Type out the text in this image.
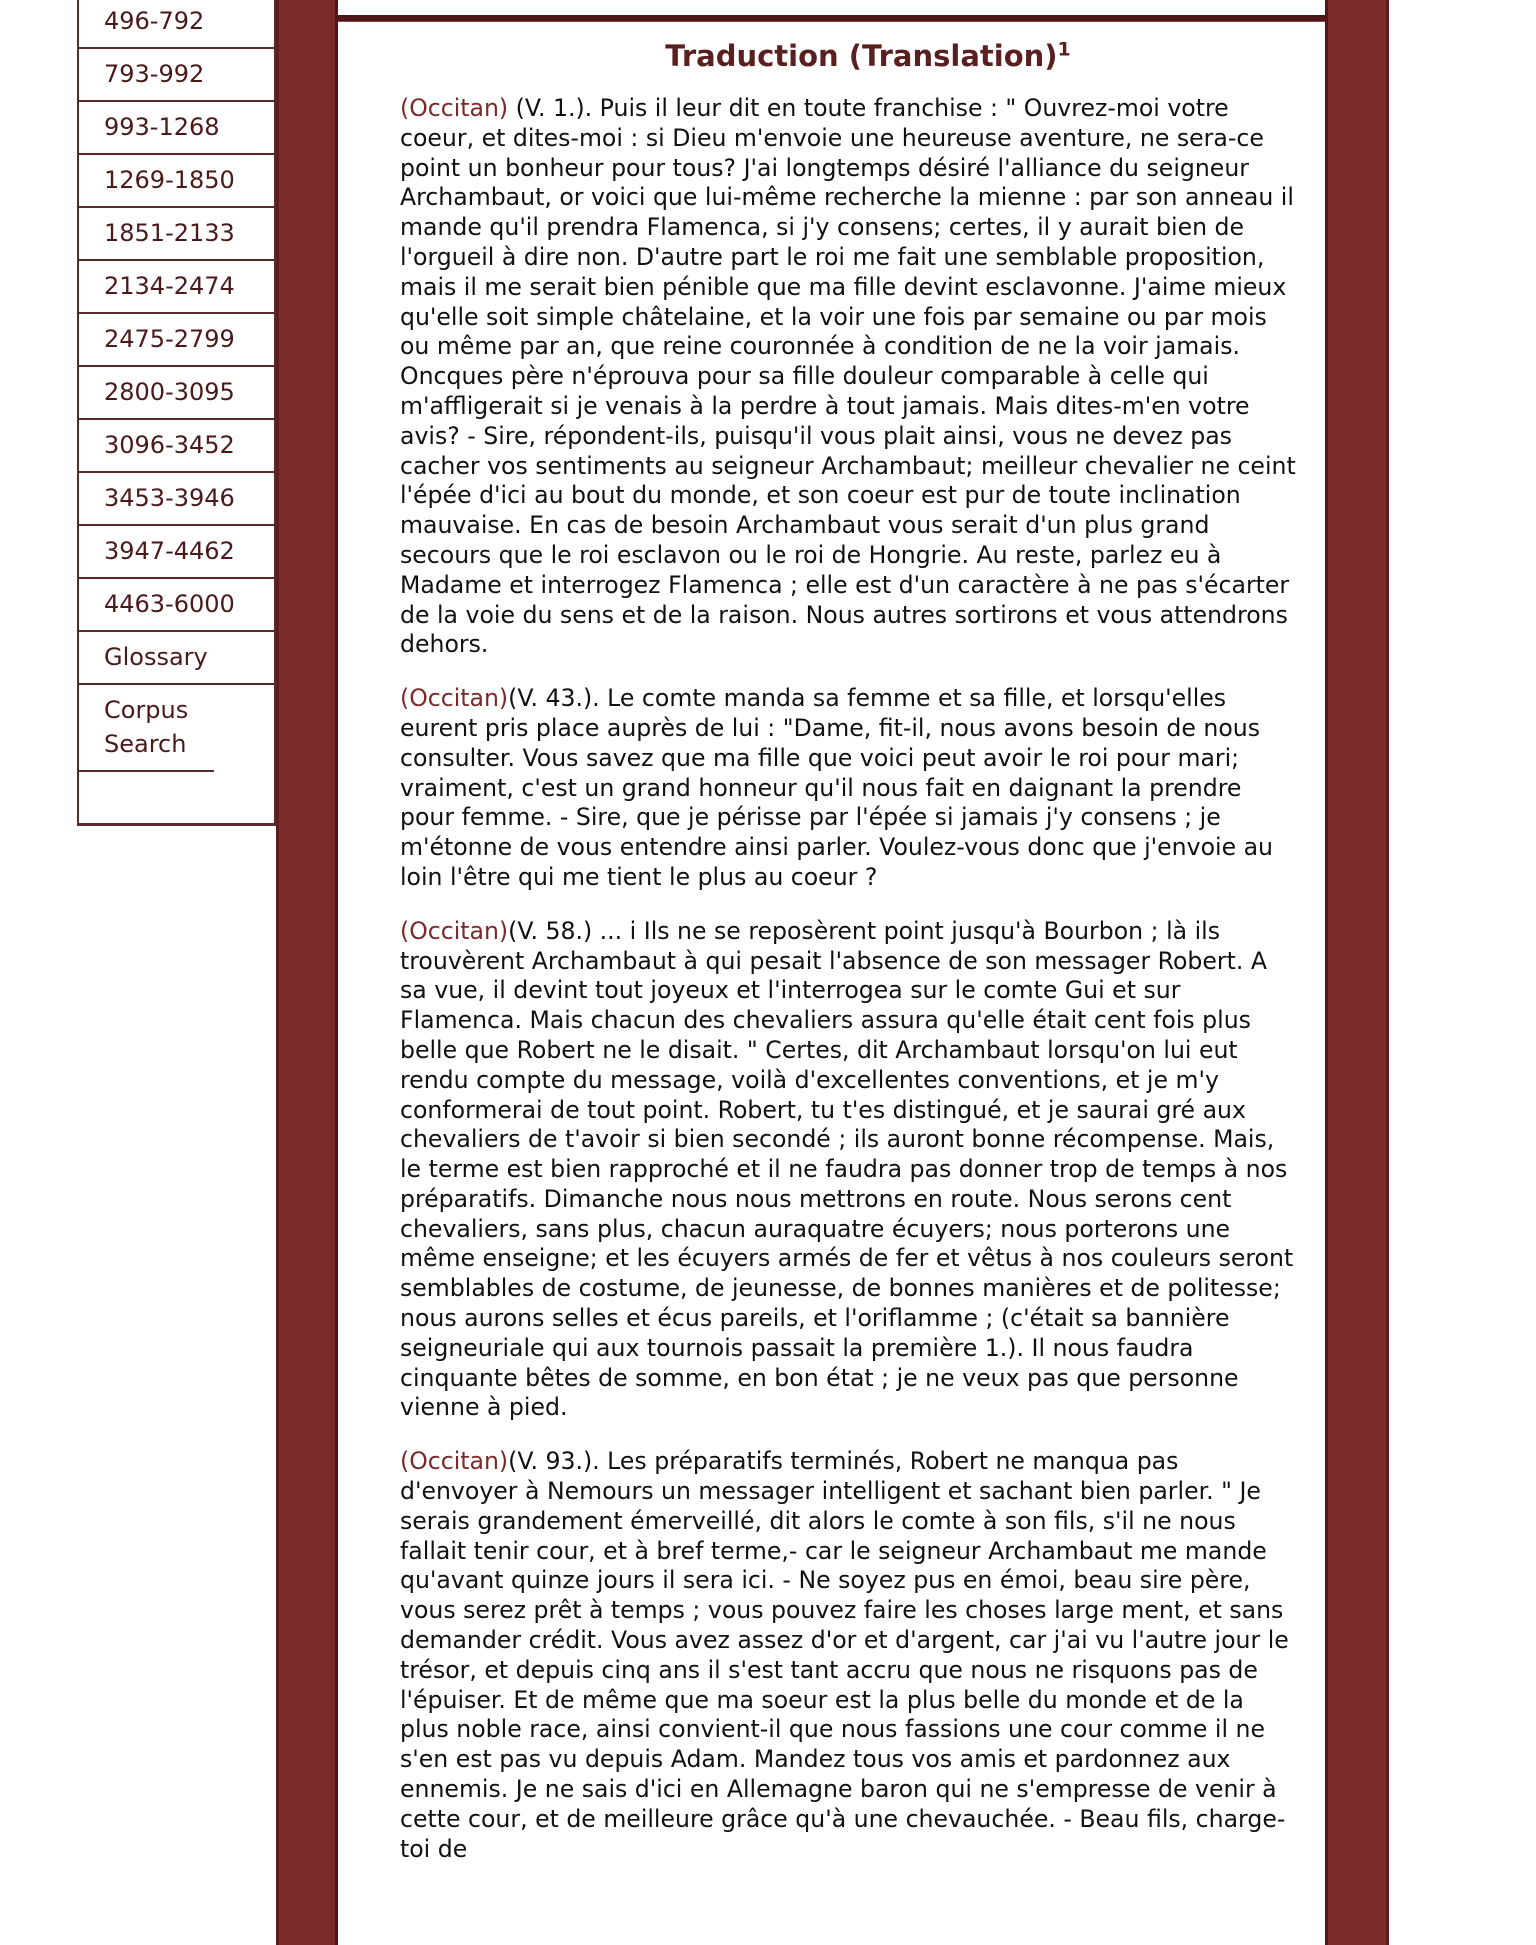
496-792
793-992
993-1268
1269-1850
1851-2133
2134-2474
2475-2799
2800-3095
3096-3452
3453-3946
3947-4462
4463-6000
Glossary
Corpus Search
Traduction (Translation)$^1$

(Occitan) (V. 1.). Puis il leur dit en toute franchise : " Ouvrez-moi votre coeur, et dites-moi : si Dieu m'envoie une heureuse aventure, ne sera-ce point un bonheur pour tous? J'ai longtemps désiré l'alliance du seigneur Archambaut, or voici que lui-même recherche la mienne : par son anneau il mande qu'il prendra Flamenca, si j'y consens; certes, il y aurait bien de l'orgueil à dire non. D'autre part le roi me fait une semblable proposition, mais il me serait bien pénible que ma fille devint esclavonne. J'aime mieux qu'elle soit simple châtelaine, et la voir une fois par semaine ou par mois ou même par an, que reine couronnée à condition de ne la voir jamais. Oncques père n'éprouva pour sa fille douleur comparable à celle qui m'affligerait si je venais à la perdre à tout jamais. Mais dites-m'en votre avis? - Sire, répondent-ils, puisqu'il vous plait ainsi, vous ne devez pas cacher vos sentiments au seigneur Archambaut; meilleur chevalier ne ceint l'épée d'ici au bout du monde, et son coeur est pur de toute inclination mauvaise. En cas de besoin Archambaut vous serait d'un plus grand secours que le roi esclavon ou le roi de Hongrie. Au reste, parlez eu à Madame et interrogez Flamenca ; elle est d'un caractère à ne pas s'écarter de la voie du sens et de la raison. Nous autres sortirons et vous attendrons dehors.

(Occitan)(V. 43.). Le comte manda sa femme et sa fille, et lorsqu'elles eurent pris place auprès de lui : "Dame, fit-il, nous avons besoin de nous consulter. Vous savez que ma fille que voici peut avoir le roi pour mari; vraiment, c'est un grand honneur qu'il nous fait en daignant la prendre pour femme. - Sire, que je périsse par l'épée si jamais j'y consens ; je m'étonne de vous entendre ainsi parler. Voulez-vous donc que j'envoie au loin l'être qui me tient le plus au coeur ?

(Occitan)(V. 58.) ... i Ils ne se reposèrent point jusqu'à Bourbon ; là ils trouvèrent Archambaut à qui pesait l'absence de son messager Robert. A sa vue, il devint tout joyeux et l'interrogea sur le comte Gui et sur Flamenca. Mais chacun des chevaliers assura qu'elle était cent fois plus belle que Robert ne le disait. " Certes, dit Archambaut lorsqu'on lui eut rendu compte du message, voilà d'excellentes conventions, et je m'y conformerai de tout point. Robert, tu t'es distingué, et je saurai gré aux chevaliers de t'avoir si bien secondé ; ils auront bonne récompense. Mais, le terme est bien rapproché et il ne faudra pas donner trop de temps à nos préparatifs. Dimanche nous nous mettrons en route. Nous serons cent chevaliers, sans plus, chacun auraquatre écuyers; nous porterons une même enseigne; et les écuyers armés de fer et vêtus à nos couleurs seront semblables de costume, de jeunesse, de bonnes manières et de politesse; nous aurons selles et écus pareils, et l'oriflamme ; (c'était sa bannière seigneuriale qui aux tournois passait la première 1.). Il nous faudra cinquante bêtes de somme, en bon état ; je ne veux pas que personne vienne à pied.

(Occitan)(V. 93.). Les préparatifs terminés, Robert ne manqua pas d'envoyer à Nemours un messager intelligent et sachant bien parler. " Je serais grandement émerveillé, dit alors le comte à son fils, s'il ne nous fallait tenir cour, et à bref terme,- car le seigneur Archambaut me mande qu'avant quinze jours il sera ici. - Ne soyez pus en émoi, beau sire père, vous serez prêt à temps ; vous pouvez faire les choses large ment, et sans demander crédit. Vous avez assez d'or et d'argent, car j'ai vu l'autre jour le trésor, et depuis cinq ans il s'est tant accru que nous ne risquons pas de l'épuiser. Et de même que ma soeur est la plus belle du monde et de la plus noble race, ainsi convient-il que nous fassions une cour comme il ne s'en est pas vu depuis Adam. Mandez tous vos amis et pardonnez aux ennemis. Je ne sais d'ici en Allemagne baron qui ne s'empresse de venir à cette cour, et de meilleure grâce qu'à une chevauchée. - Beau fils, charge-toi de
